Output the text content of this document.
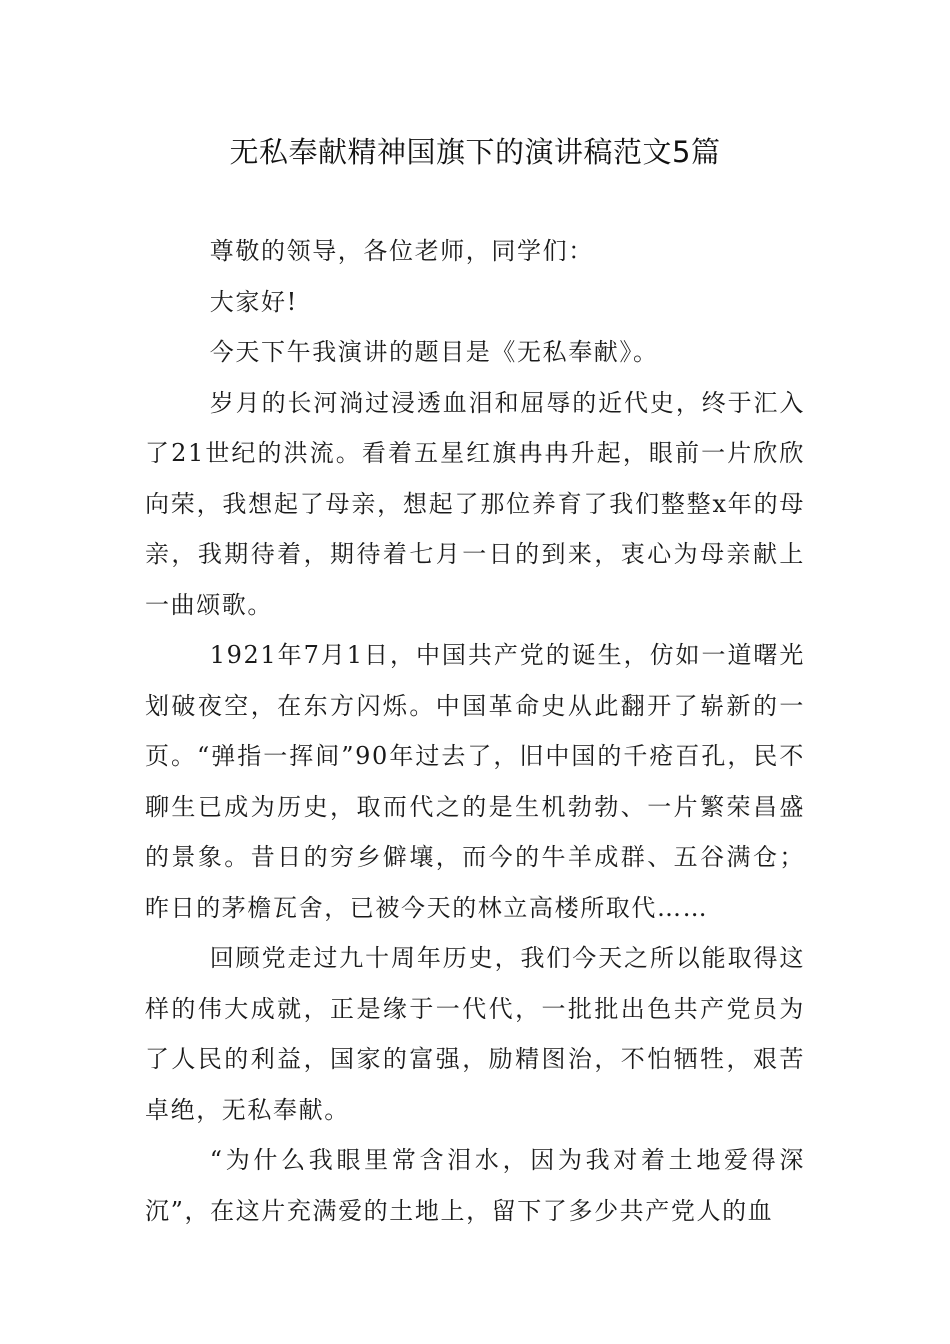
无私奉献精神国旗下的演讲稿范文5篇

尊敬的领导，各位老师，同学们：

大家好!

今天下午我演讲的题目是《无私奉献》。

岁月的长河淌过浸透血泪和屈辱的近代史，终于汇入了21世纪的洪流。看着五星红旗冉冉升起，眼前一片欣欣向荣，我想起了母亲，想起了那位养育了我们整整x年的母亲，我期待着，期待着七月一日的到来，衷心为母亲献上一曲颂歌。

1921年7月1日，中国共产党的诞生，仿如一道曙光划破夜空，在东方闪烁。中国革命史从此翻开了崭新的一页。“弹指一挥间”90年过去了，旧中国的千疮百孔，民不聊生已成为历史，取而代之的是生机勃勃、一片繁荣昌盛的景象。昔日的穷乡僻壤，而今的牛羊成群、五谷满仓；昨日的茅檐瓦舍，已被今天的林立高楼所取代……

回顾党走过九十周年历史，我们今天之所以能取得这样的伟大成就，正是缘于一代代，一批批出色共产党员为了人民的利益，国家的富强，励精图治，不怕牺牲，艰苦卓绝，无私奉献。

“为什么我眼里常含泪水，因为我对着土地爱得深沉”，在这片充满爱的土地上，留下了多少共产党人的血
